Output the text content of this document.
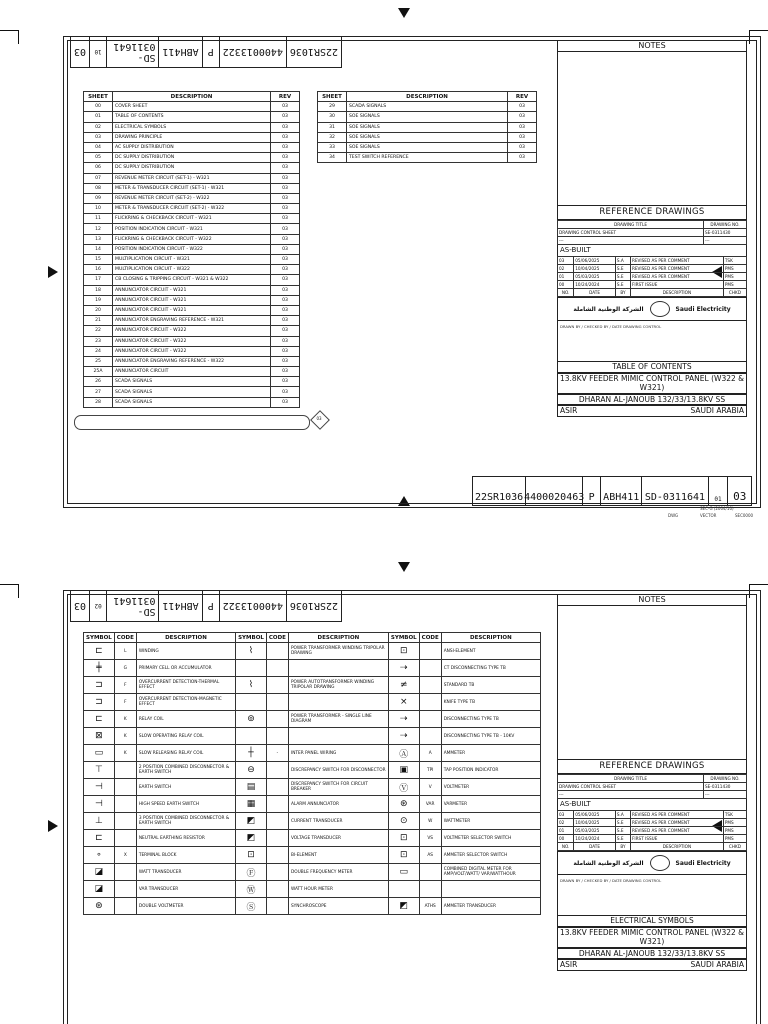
22SR1036
4400013322
P
ABH411
SD-0311641
10
03
SHEET	DESCRIPTION	REV
00	COVER SHEET	03
01	TABLE OF CONTENTS	03
02	ELECTRICAL SYMBOLS	03
03	DRAWING PRINCIPLE	03
04	AC SUPPLY DISTRIBUTION	03
05	DC SUPPLY DISTRIBUTION	03
06	DC SUPPLY DISTRIBUTION	03
07	REVENUE METER CIRCUIT (SET-1) - W321	03
08	METER & TRANSDUCER CIRCUIT (SET-1) - W321	03
09	REVENUE METER CIRCUIT (SET-2) - W322	03
10	METER & TRANSDUCER CIRCUIT (SET-2) - W322	03
11	FLICKRING & CHECKBACK CIRCUIT - W321	03
12	POSITION INDICATION CIRCUIT - W321	03
13	FLICKRING & CHECKBACK CIRCUIT - W322	03
14	POSITION INDICATION CIRCUIT - W322	03
15	MULTIPLICATION CIRCUIT - W321	03
16	MULTIPLICATION CIRCUIT - W322	03
17	CB CLOSING & TRIPPING CIRCUIT - W321 & W322	03
18	ANNUNCIATOR CIRCUIT - W321	03
19	ANNUNCIATOR CIRCUIT - W321	03
20	ANNUNCIATOR CIRCUIT - W321	03
21	ANNUNCIATOR ENGRAVING REFERENCE - W321	03
22	ANNUNCIATOR CIRCUIT - W322	03
23	ANNUNCIATOR CIRCUIT - W322	03
24	ANNUNCIATOR CIRCUIT - W322	03
25	ANNUNCIATOR ENGRAVING REFERENCE - W322	03
25A	ANNUNCIATOR CIRCUIT	03
26	SCADA SIGNALS	03
27	SCADA SIGNALS	03
28	SCADA SIGNALS	03
SHEET	DESCRIPTION	REV
29	SCADA SIGNALS	03
30	SOE SIGNALS	03
31	SOE SIGNALS	03
32	SOE SIGNALS	03
33	SOE SIGNALS	03
34	TEST SWITCH REFERENCE	03
03
NOTES
REFERENCE DRAWINGS
DRAWING TITLE	DRAWING NO.
DRAWING CONTROL SHEET	SE-0311430
---	---
AS-BUILT
03	05/06/2025	S.A	REVISED AS PER COMMENT	TSK
02	10/04/2025	S.E	REVISED AS PER COMMENT	PMS
01	05/03/2025	S.E	REVISED AS PER COMMENT	PMS
00	10/24/2024	S.E	FIRST ISSUE	PMS
NO.	DATE	BY	DESCRIPTION	CHKD
الشركة الوطنية الشاملة	Saudi Electricity
DRAWN BY / CHECKED BY / DATE DRAWING CONTROL
TABLE OF CONTENTS
13.8KV FEEDER MIMIC CONTROL PANEL (W322 & W321)
DHARAN AL-JANOUB 132/33/13.8KV SS
ASIR	SAUDI ARABIA
22SR1036 4400020463 P ABH411 SD-0311641	01	03
SEC-G (2004/10)
DWG	VECTOR	SEC0000
22SR1036
4400013322
P
ABH411
SD-0311641
02
03
SYMBOL	CODE	DESCRIPTION	SYMBOL	CODE	DESCRIPTION	SYMBOL	CODE	DESCRIPTION
⊏	L	WINDING	⌇		POWER TRANSFORMER WINDING TRIPOLAR DRAWING	⊡		ANSI-ELEMENT
╪	G	PRIMARY CELL OR ACCUMULATOR				⇢		CT DISCONNECTING TYPE TB
⊐	F	OVERCURRENT DETECTION-THERMAL EFFECT	⌇		POWER AUTOTRANSFORMER WINDING TRIPOLAR DRAWING	≠		STANDARD TB
⊐	F	OVERCURRENT DETECTION-MAGNETIC EFFECT				×		KNIFE TYPE TB
⊏	K	RELAY COIL	⊚		POWER TRANSFORMER - SINGLE LINE DIAGRAM	⇢		DISCONNECTING TYPE TB
⊠	K	SLOW OPERATING RELAY COIL				⇢		DISCONNECTING TYPE TB - 10KV
▭	K	SLOW RELEASING RELAY COIL	┼	-	INTER PANEL WIRING	Ⓐ	A	AMMETER
⊤		2 POSITION COMBINED DISCONNECTOR & EARTH SWITCH	⊖		DISCREPANCY SWITCH FOR DISCONNECTOR	▣	TPI	TAP POSITION INDICATOR
⊣		EARTH SWITCH	▤		DISCREPANCY SWITCH FOR CIRCUIT BREAKER	Ⓥ	V	VOLTMETER
⊣		HIGH SPEED EARTH SWITCH	▦		ALARM ANNUNCIATOR	⊛	VAR	VARMETER
⊥		3 POSITION COMBINED DISCONNECTOR & EARTH SWITCH	◩		CURRENT TRANSDUCER	⊙	W	WATTMETER
⊏		NEUTRAL EARTHING RESISTOR	◩		VOLTAGE TRANSDUCER	⊡	VS	VOLTMETER SELECTOR SWITCH
∘	X	TERMINAL BLOCK	⊡		BI-ELEMENT	⊡	AS	AMMETER SELECTOR SWITCH
◪		WATT TRANSDUCER	Ⓕ		DOUBLE FREQUENCY METER	▭		COMBINED DIGITAL METER FOR AMP/VOLT/WATT/ VAR/WATTHOUR
◪		VAR TRANSDUCER	Ⓦ		WATT HOUR METER			
⊛		DOUBLE VOLTMETER	Ⓢ		SYNCHROSCOPE	◩	ATHS	AMMETER TRANSDUCER
NOTES
REFERENCE DRAWINGS
DRAWING TITLE	DRAWING NO.
DRAWING CONTROL SHEET	SE-0311430
---	---
AS-BUILT
03	05/06/2025	S.A	REVISED AS PER COMMENT	TSK
02	10/04/2025	S.E	REVISED AS PER COMMENT	PMS
01	05/03/2025	S.E	REVISED AS PER COMMENT	PMS
00	10/24/2024	S.E	FIRST ISSUE	PMS
NO.	DATE	BY	DESCRIPTION	CHKD
الشركة الوطنية الشاملة	Saudi Electricity
DRAWN BY / CHECKED BY / DATE DRAWING CONTROL
ELECTRICAL SYMBOLS
13.8KV FEEDER MIMIC CONTROL PANEL (W322 & W321)
DHARAN AL-JANOUB 132/33/13.8KV SS
ASIR	SAUDI ARABIA
